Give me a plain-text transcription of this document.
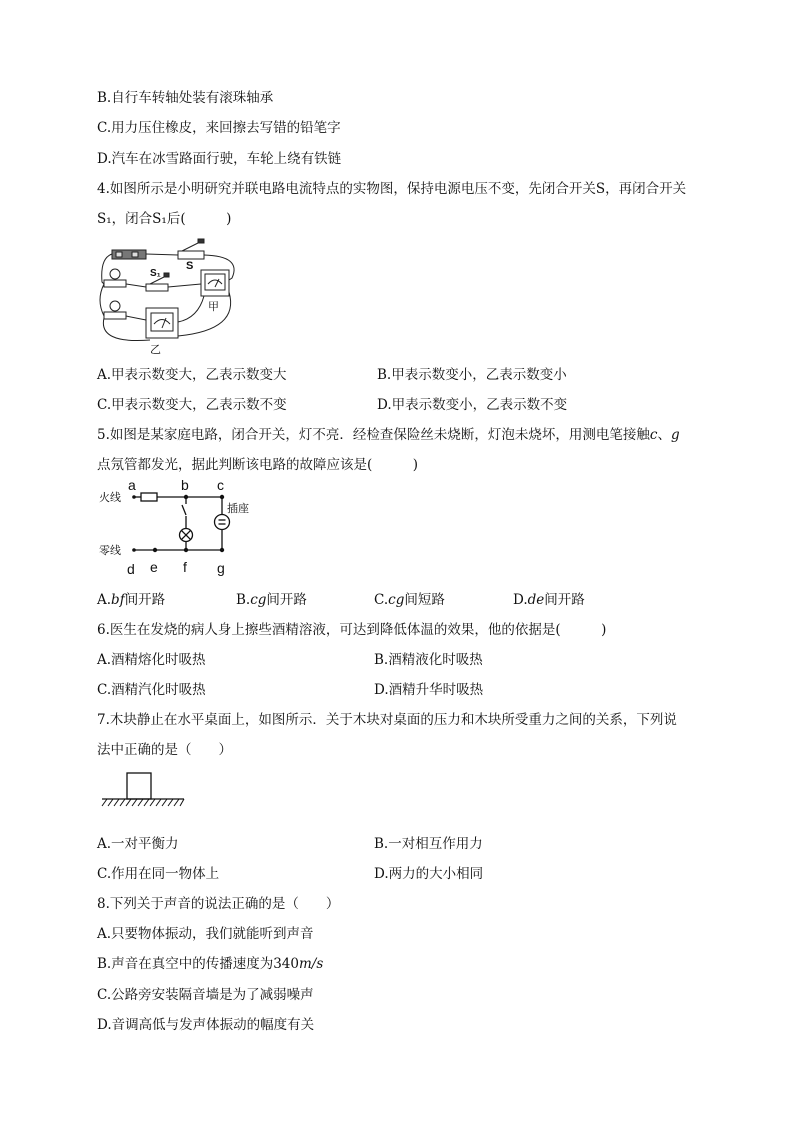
B.自行车转轴处装有滚珠轴承
C.用力压住橡皮，来回擦去写错的铅笔字
D.汽车在冰雪路面行驶，车轮上绕有铁链
4.如图所示是小明研究并联电路电流特点的实物图，保持电源电压不变，先闭合开关S，再闭合开关
S₁，闭合S₁后(　　　)
S
S₁
甲
乙
A.甲表示数变大，乙表示数变大	B.甲表示数变小，乙表示数变小
C.甲表示数变大，乙表示数不变	D.甲表示数变小，乙表示数不变
5.如图是某家庭电路，闭合开关，灯不亮．经检查保险丝未烧断，灯泡未烧坏，用测电笔接触c、g
点氖管都发光，据此判断该电路的故障应该是(　　　)
火线
零线
插座
a	b c
d e f g
A.bf间开路	B.cg间开路	C.cg间短路	D.de间开路
6.医生在发烧的病人身上擦些酒精溶液，可达到降低体温的效果，他的依据是(　　　)
A.酒精熔化时吸热	B.酒精液化时吸热
C.酒精汽化时吸热	D.酒精升华时吸热
7.木块静止在水平桌面上，如图所示．关于木块对桌面的压力和木块所受重力之间的关系，下列说
法中正确的是（　　）
A.一对平衡力	B.一对相互作用力
C.作用在同一物体上	D.两力的大小相同
8.下列关于声音的说法正确的是（　　）
A.只要物体振动，我们就能听到声音
B.声音在真空中的传播速度为340m/s
C.公路旁安装隔音墙是为了减弱噪声
D.音调高低与发声体振动的幅度有关
